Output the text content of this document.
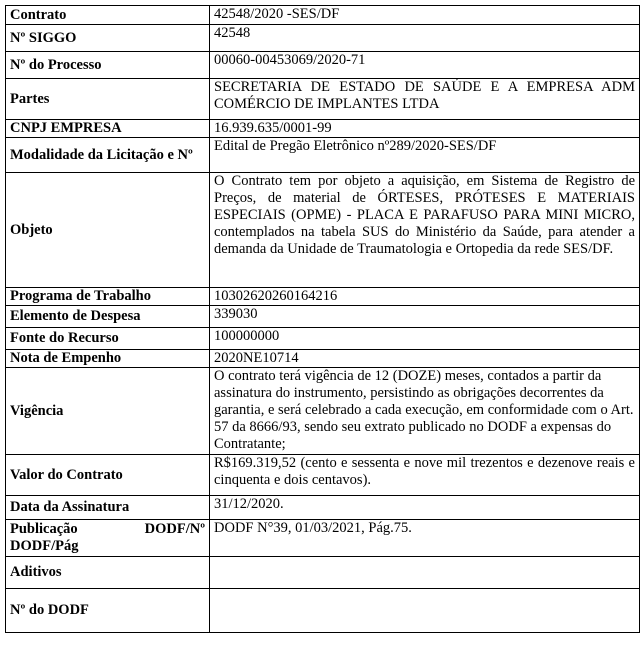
Contrato	42548/2020 -SES/DF
Nº SIGGO	42548
Nº do Processo	00060-00453069/2020-71
Partes	SECRETARIA DE ESTADO DE SAÚDE E A EMPRESA ADM COMÉRCIO DE IMPLANTES LTDA
CNPJ EMPRESA	16.939.635/0001-99
Modalidade da Licitação e Nº	Edital de Pregão Eletrônico nº289/2020-SES/DF
Objeto	O Contrato tem por objeto a aquisição, em Sistema de Registro de Preços, de material de ÓRTESES, PRÓTESES E MATERIAIS ESPECIAIS (OPME) - PLACA E PARAFUSO PARA MINI MICRO, contemplados na tabela SUS do Ministério da Saúde, para atender a demanda da Unidade de Traumatologia e Ortopedia da rede SES/DF.
Programa de Trabalho	10302620260164216
Elemento de Despesa	339030
Fonte do Recurso	100000000
Nota de Empenho	2020NE10714
Vigência	O contrato terá vigência de 12 (DOZE) meses, contados a partir da assinatura do instrumento, persistindo as obrigações decorrentes da garantia, e será celebrado a cada execução, em conformidade com o Art. 57 da 8666/93, sendo seu extrato publicado no DODF a expensas do Contratante;
Valor do Contrato	R$169.319,52 (cento e sessenta e nove mil trezentos e dezenove reais e cinquenta e dois centavos).
Data da Assinatura	31/12/2020.

Publicação DODF/Nº
DODF/Pág	DODF N°39, 01/03/2021, Pág.75.
Aditivos	
Nº do DODF	
